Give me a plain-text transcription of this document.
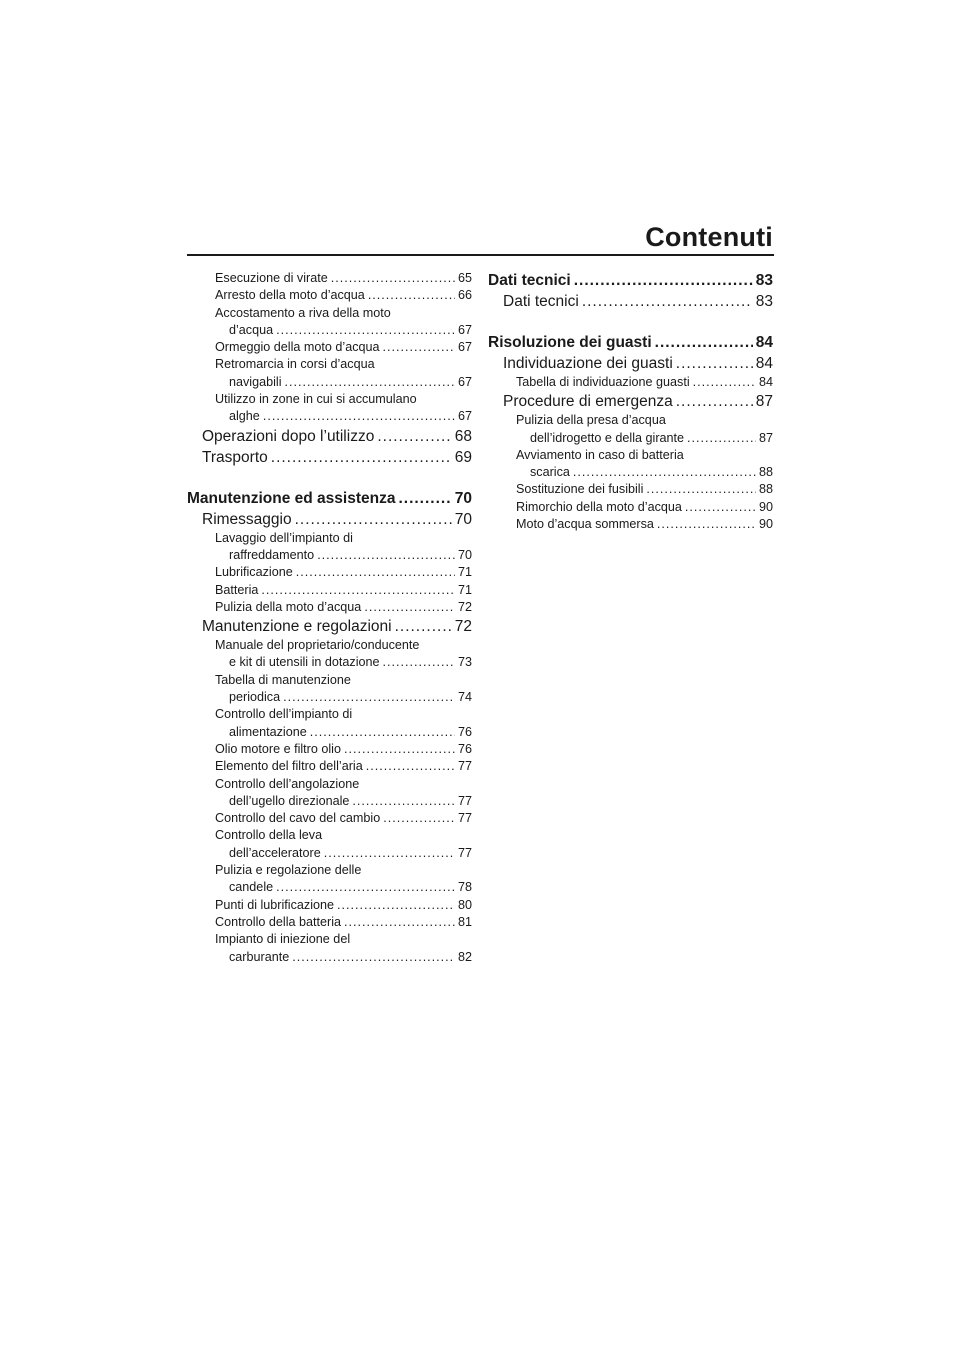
Contenuti
Esecuzione di virate .....	65
Arresto della moto d’acqua .....	66
Accostamento a riva della moto
d’acqua .....	67
Ormeggio della moto d’acqua .....	67
Retromarcia in corsi d’acqua
navigabili .....	67
Utilizzo in zone in cui si accumulano
alghe .....	67
Operazioni dopo l’utilizzo .....	68
Trasporto .....	69
Manutenzione ed assistenza .....	70
Rimessaggio .....	70
Lavaggio dell’impianto di
raffreddamento .....	70
Lubrificazione .....	71
Batteria .....	71
Pulizia della moto d’acqua .....	72
Manutenzione e regolazioni .....	72
Manuale del proprietario/conducente
e kit di utensili in dotazione .....	73
Tabella di manutenzione
periodica .....	74
Controllo dell’impianto di
alimentazione .....	76
Olio motore e filtro olio .....	76
Elemento del filtro dell’aria .....	77
Controllo dell’angolazione
dell’ugello direzionale .....	77
Controllo del cavo del cambio .....	77
Controllo della leva
dell’acceleratore .....	77
Pulizia e regolazione delle
candele .....	78
Punti di lubrificazione .....	80
Controllo della batteria .....	81
Impianto di iniezione del
carburante .....	82
Dati tecnici .....	83
Dati tecnici .....	83
Risoluzione dei guasti .....	84
Individuazione dei guasti .....	84
Tabella di individuazione guasti .....	84
Procedure di emergenza .....	87
Pulizia della presa d’acqua
dell’idrogetto e della girante .....	87
Avviamento in caso di batteria
scarica .....	88
Sostituzione dei fusibili .....	88
Rimorchio della moto d’acqua .....	90
Moto d’acqua sommersa .....	90
